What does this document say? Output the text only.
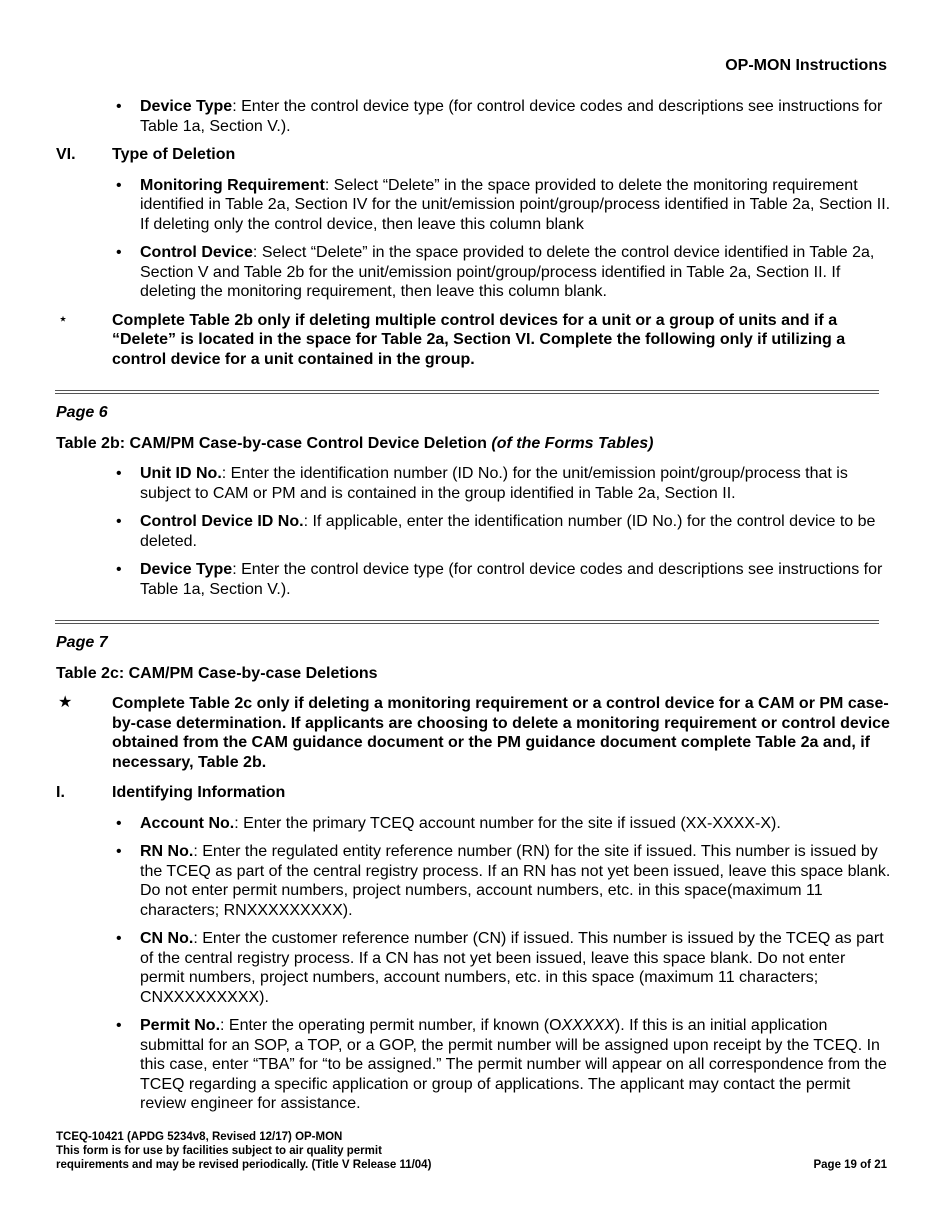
OP-MON Instructions
• Device Type: Enter the control device type (for control device codes and descriptions see instructions for Table 1a, Section V.).
VI. Type of Deletion
• Monitoring Requirement: Select “Delete” in the space provided to delete the monitoring requirement identified in Table 2a, Section IV for the unit/emission point/group/process identified in Table 2a, Section II. If deleting only the control device, then leave this column blank
• Control Device: Select “Delete” in the space provided to delete the control device identified in Table 2a, Section V and Table 2b for the unit/emission point/group/process identified in Table 2a, Section II. If deleting the monitoring requirement, then leave this column blank.
⋆	Complete Table 2b only if deleting multiple control devices for a unit or a group of units and if a “Delete” is located in the space for Table 2a, Section VI. Complete the following only if utilizing a control device for a unit contained in the group.
Page 6
Table 2b: CAM/PM Case-by-case Control Device Deletion (of the Forms Tables)
• Unit ID No.: Enter the identification number (ID No.) for the unit/emission point/group/process that is subject to CAM or PM and is contained in the group identified in Table 2a, Section II.
• Control Device ID No.: If applicable, enter the identification number (ID No.) for the control device to be deleted.
• Device Type: Enter the control device type (for control device codes and descriptions see instructions for Table 1a, Section V.).
Page 7
Table 2c: CAM/PM Case-by-case Deletions
★ Complete Table 2c only if deleting a monitoring requirement or a control device for a CAM or PM case-by-case determination. If applicants are choosing to delete a monitoring requirement or control device obtained from the CAM guidance document or the PM guidance document complete Table 2a and, if necessary, Table 2b.
I.	Identifying Information
• Account No.: Enter the primary TCEQ account number for the site if issued (XX-XXXX-X).
• RN No.: Enter the regulated entity reference number (RN) for the site if issued. This number is issued by the TCEQ as part of the central registry process. If an RN has not yet been issued, leave this space blank. Do not enter permit numbers, project numbers, account numbers, etc. in this space(maximum 11 characters; RNXXXXXXXXX).
• CN No.: Enter the customer reference number (CN) if issued. This number is issued by the TCEQ as part of the central registry process. If a CN has not yet been issued, leave this space blank. Do not enter permit numbers, project numbers, account numbers, etc. in this space (maximum 11 characters; CNXXXXXXXXX).
• Permit No.: Enter the operating permit number, if known (OXXXXX). If this is an initial application submittal for an SOP, a TOP, or a GOP, the permit number will be assigned upon receipt by the TCEQ. In this case, enter “TBA” for “to be assigned.” The permit number will appear on all correspondence from the TCEQ regarding a specific application or group of applications. The applicant may contact the permit review engineer for assistance.
TCEQ-10421 (APDG 5234v8, Revised 12/17) OP-MON
This form is for use by facilities subject to air quality permit
requirements and may be revised periodically. (Title V Release 11/04)	Page 19 of 21
